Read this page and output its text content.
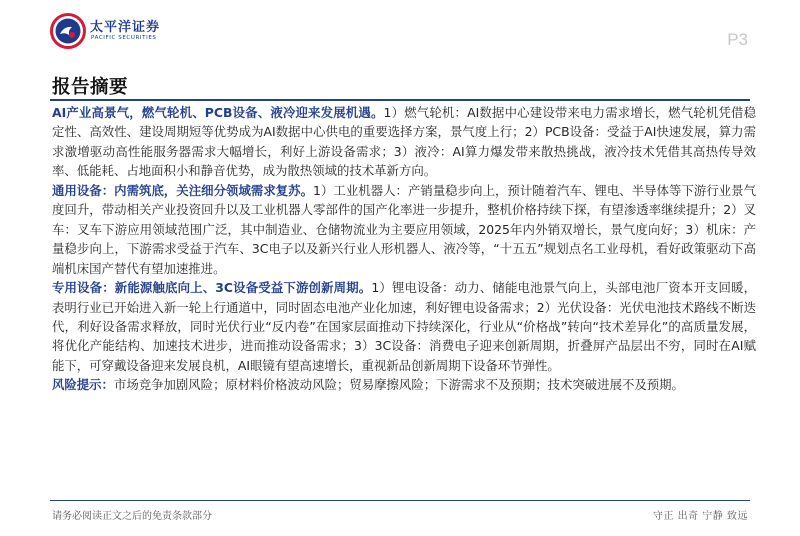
太平洋证券
PACIFIC SECURITIES	P3
报告摘要

AI产业高景气，燃气轮机、PCB设备、液冷迎来发展机遇。1）燃气轮机：AI数据中心建设带来电力需求增长，燃气轮机凭借稳定性、高效性、建设周期短等优势成为AI数据中心供电的重要选择方案，景气度上行；2）PCB设备：受益于AI快速发展，算力需求激增驱动高性能服务器需求大幅增长，利好上游设备需求；3）液冷：AI算力爆发带来散热挑战，液冷技术凭借其高热传导效率、低能耗、占地面积小和静音优势，成为散热领域的技术革新方向。

通用设备：内需筑底，关注细分领域需求复苏。1）工业机器人：产销量稳步向上，预计随着汽车、锂电、半导体等下游行业景气度回升，带动相关产业投资回升以及工业机器人零部件的国产化率进一步提升，整机价格持续下探，有望渗透率继续提升；2）叉车：叉车下游应用领域范围广泛，其中制造业、仓储物流业为主要应用领域，2025年内外销双增长，景气度向好；3）机床：产量稳步向上，下游需求受益于汽车、3C电子以及新兴行业人形机器人、液冷等，“十五五”规划点名工业母机，看好政策驱动下高端机床国产替代有望加速推进。

专用设备：新能源触底向上、3C设备受益下游创新周期。1）锂电设备：动力、储能电池景气向上，头部电池厂资本开支回暖，表明行业已开始进入新一轮上行通道中，同时固态电池产业化加速，利好锂电设备需求；2）光伏设备：光伏电池技术路线不断迭代，利好设备需求释放，同时光伏行业“反内卷”在国家层面推动下持续深化，行业从“价格战”转向“技术差异化”的高质量发展，将优化产能结构、加速技术进步，进而推动设备需求；3）3C设备：消费电子迎来创新周期，折叠屏产品层出不穷，同时在AI赋能下，可穿戴设备迎来发展良机，AI眼镜有望高速增长，重视新品创新周期下设备环节弹性。

风险提示：市场竞争加剧风险；原材料价格波动风险；贸易摩擦风险；下游需求不及预期；技术突破进展不及预期。

请务必阅读正文之后的免责条款部分	守正 出奇 宁静 致远
